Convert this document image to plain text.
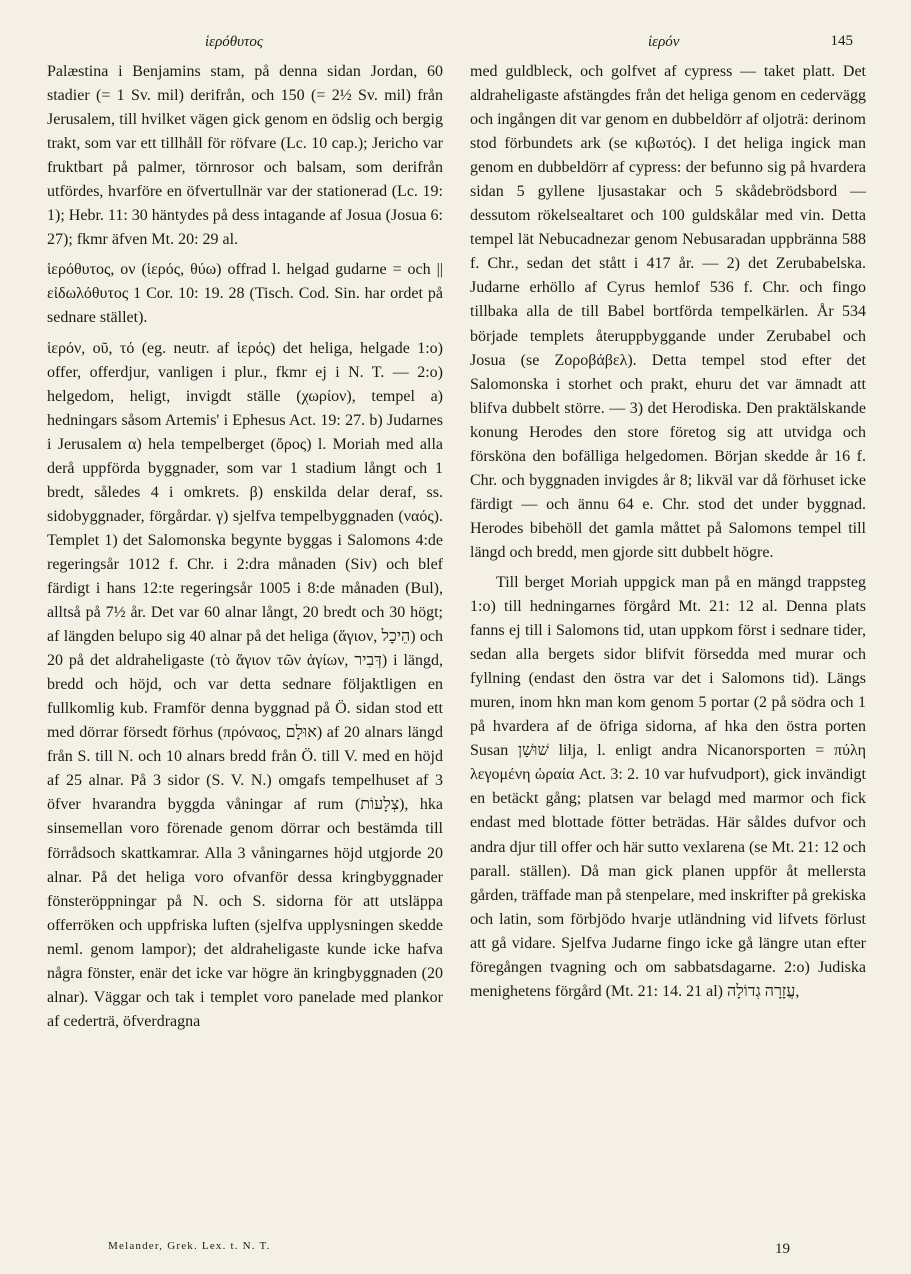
ἱερόθυτος	ἱερόν	145

Palæstina i Benjamins stam, på denna sidan Jordan, 60 stadier (= 1 Sv. mil) derifrån, och 150 (= 2½ Sv. mil) från Jerusalem, till hvilket vägen gick genom en ödslig och bergig trakt, som var ett tillhåll för röfvare (Lc. 10 cap.); Jericho var fruktbart på palmer, törnrosor och balsam, som derifrån utfördes, hvarföre en öfvertullnär var der stationerad (Lc. 19: 1); Hebr. 11: 30 häntydes på dess intagande af Josua (Josua 6: 27); fkmr äfven Mt. 20: 29 al.

ἱερόθυτος, ον (ἱερός, θύω) offrad l. helgad gudarne = och || εἰδωλόθυτος 1 Cor. 10: 19. 28 (Tisch. Cod. Sin. har ordet på sednare stället).

ἱερόν, οῦ, τό (eg. neutr. af ἱερός) det heliga, helgade 1:o) offer, offerdjur, vanligen i plur., fkmr ej i N. T. — 2:o) helgedom, heligt, invigdt ställe (χωρίον), tempel a) hedningars såsom Artemis' i Ephesus Act. 19: 27. b) Judarnes i Jerusalem α) hela tempelberget (ὄρος) l. Moriah med alla derå uppförda byggnader, som var 1 stadium långt och 1 bredt, således 4 i omkrets. β) enskilda delar deraf, ss. sidobyggnader, förgårdar. γ) sjelfva tempelbyggnaden (ναός). Templet 1) det Salomonska begynte byggas i Salomons 4:de regeringsår 1012 f. Chr. i 2:dra månaden (Siv) och blef färdigt i hans 12:te regeringsår 1005 i 8:de månaden (Bul), alltså på 7½ år. Det var 60 alnar långt, 20 bredt och 30 högt; af längden belupo sig 40 alnar på det heliga (ἅγιον, הֵיכָל) och 20 på det aldraheligaste (τὸ ἅγιον τῶν ἁγίων, דְּבִיר) i längd, bredd och höjd, och var detta sednare följaktligen en fullkomlig kub. Framför denna byggnad på Ö. sidan stod ett med dörrar försedt förhus (πρόναος, אוּלָם) af 20 alnars längd från S. till N. och 10 alnars bredd från Ö. till V. med en höjd af 25 alnar. På 3 sidor (S. V. N.) omgafs tempelhuset af 3 öfver hvarandra byggda våningar af rum (צְלָעוֹת), hka sinsemellan voro förenade genom dörrar och bestämda till förrådsoch skattkamrar. Alla 3 våningarnes höjd utgjorde 20 alnar. På det heliga voro ofvanför dessa kringbyggnader fönsteröppningar på N. och S. sidorna för att utsläppa offerröken och uppfriska luften (sjelfva upplysningen skedde neml. genom lampor); det aldraheligaste kunde icke hafva några fönster, enär det icke var högre än kringbyggnaden (20 alnar). Väggar och tak i templet voro panelade med plankor af cederträ, öfverdragna

med guldbleck, och golfvet af cypress — taket platt. Det aldraheligaste afstängdes från det heliga genom en cedervägg och ingången dit var genom en dubbeldörr af oljoträ: derinom stod förbundets ark (se κιβωτός). I det heliga ingick man genom en dubbeldörr af cypress: der befunno sig på hvardera sidan 5 gyllene ljusastakar och 5 skådebrödsbord — dessutom rökelsealtaret och 100 guldskålar med vin. Detta tempel lät Nebucadnezar genom Nebusaradan uppbränna 588 f. Chr., sedan det stått i 417 år. — 2) det Zerubabelska. Judarne erhöllo af Cyrus hemlof 536 f. Chr. och fingo tillbaka alla de till Babel bortförda tempelkärlen. År 534 började templets återuppbyggande under Zerubabel och Josua (se Ζοροβάβελ). Detta tempel stod efter det Salomonska i storhet och prakt, ehuru det var ämnadt att blifva dubbelt större. — 3) det Herodiska. Den praktälskande konung Herodes den store företog sig att utvidga och försköna den bofälliga helgedomen. Början skedde år 16 f. Chr. och byggnaden invigdes år 8; likväl var då förhuset icke färdigt — och ännu 64 e. Chr. stod det under byggnad. Herodes bibehöll det gamla måttet på Salomons tempel till längd och bredd, men gjorde sitt dubbelt högre.

Till berget Moriah uppgick man på en mängd trappsteg 1:o) till hedningarnes förgård Mt. 21: 12 al. Denna plats fanns ej till i Salomons tid, utan uppkom först i sednare tider, sedan alla bergets sidor blifvit försedda med murar och fyllning (endast den östra var det i Salomons tid). Längs muren, inom hkn man kom genom 5 portar (2 på södra och 1 på hvardera af de öfriga sidorna, af hka den östra porten Susan שׁוּשַׁן lilja, l. enligt andra Nicanorsporten = πύλη λεγομένη ὡραία Act. 3: 2. 10 var hufvudport), gick invändigt en betäckt gång; platsen var belagd med marmor och fick endast med blottade fötter beträdas. Här såldes dufvor och andra djur till offer och här sutto vexlarena (se Mt. 21: 12 och parall. ställen). Då man gick planen uppför åt mellersta gården, träffade man på stenpelare, med inskrifter på grekiska och latin, som förbjödo hvarje utländning vid lifvets förlust att gå vidare. Sjelfva Judarne fingo icke gå längre utan efter föregången tvagning och om sabbatsdagarne. 2:o) Judiska menighetens förgård (Mt. 21: 14. 21 al) עֲזָרָה גְדוֹלָה,

Melander, Grek. Lex. t. N. T.	19
